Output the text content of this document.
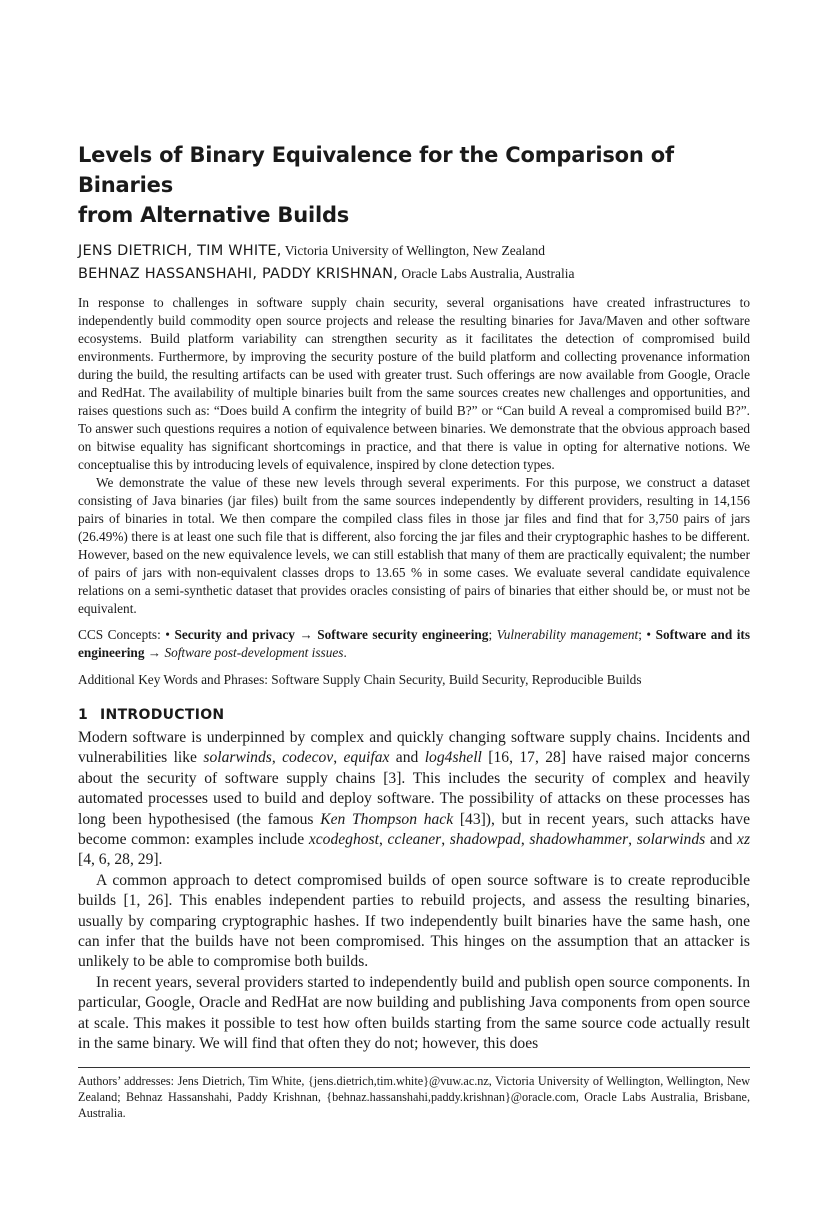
Levels of Binary Equivalence for the Comparison of Binaries
from Alternative Builds
JENS DIETRICH, TIM WHITE, Victoria University of Wellington, New Zealand
BEHNAZ HASSANSHAHI, PADDY KRISHNAN, Oracle Labs Australia, Australia

In response to challenges in software supply chain security, several organisations have created infrastructures to independently build commodity open source projects and release the resulting binaries for Java/Maven and other software ecosystems. Build platform variability can strengthen security as it facilitates the detection of compromised build environments. Furthermore, by improving the security posture of the build platform and collecting provenance information during the build, the resulting artifacts can be used with greater trust. Such offerings are now available from Google, Oracle and RedHat. The availability of multiple binaries built from the same sources creates new challenges and opportunities, and raises questions such as: “Does build A confirm the integrity of build B?” or “Can build A reveal a compromised build B?”. To answer such questions requires a notion of equivalence between binaries. We demonstrate that the obvious approach based on bitwise equality has significant shortcomings in practice, and that there is value in opting for alternative notions. We conceptualise this by introducing levels of equivalence, inspired by clone detection types.

We demonstrate the value of these new levels through several experiments. For this purpose, we construct a dataset consisting of Java binaries (jar files) built from the same sources independently by different providers, resulting in 14,156 pairs of binaries in total. We then compare the compiled class files in those jar files and find that for 3,750 pairs of jars (26.49%) there is at least one such file that is different, also forcing the jar files and their cryptographic hashes to be different. However, based on the new equivalence levels, we can still establish that many of them are practically equivalent; the number of pairs of jars with non-equivalent classes drops to 13.65 % in some cases. We evaluate several candidate equivalence relations on a semi-synthetic dataset that provides oracles consisting of pairs of binaries that either should be, or must not be equivalent.

CCS Concepts: • Security and privacy → Software security engineering; Vulnerability management; • Software and its engineering → Software post-development issues.
Additional Key Words and Phrases: Software Supply Chain Security, Build Security, Reproducible Builds
1 INTRODUCTION

Modern software is underpinned by complex and quickly changing software supply chains. Incidents and vulnerabilities like solarwinds, codecov, equifax and log4shell [16, 17, 28] have raised major concerns about the security of software supply chains [3]. This includes the security of complex and heavily automated processes used to build and deploy software. The possibility of attacks on these processes has long been hypothesised (the famous Ken Thompson hack [43]), but in recent years, such attacks have become common: examples include xcodeghost, ccleaner, shadowpad, shadowhammer, solarwinds and xz [4, 6, 28, 29].

A common approach to detect compromised builds of open source software is to create reproducible builds [1, 26]. This enables independent parties to rebuild projects, and assess the resulting binaries, usually by comparing cryptographic hashes. If two independently built binaries have the same hash, one can infer that the builds have not been compromised. This hinges on the assumption that an attacker is unlikely to be able to compromise both builds.

In recent years, several providers started to independently build and publish open source components. In particular, Google, Oracle and RedHat are now building and publishing Java components from open source at scale. This makes it possible to test how often builds starting from the same source code actually result in the same binary. We will find that often they do not; however, this does

Authors’ addresses: Jens Dietrich, Tim White, {jens.dietrich,tim.white}@vuw.ac.nz, Victoria University of Wellington, Wellington, New Zealand; Behnaz Hassanshahi, Paddy Krishnan, {behnaz.hassanshahi,paddy.krishnan}@oracle.com, Oracle Labs Australia, Brisbane, Australia.
